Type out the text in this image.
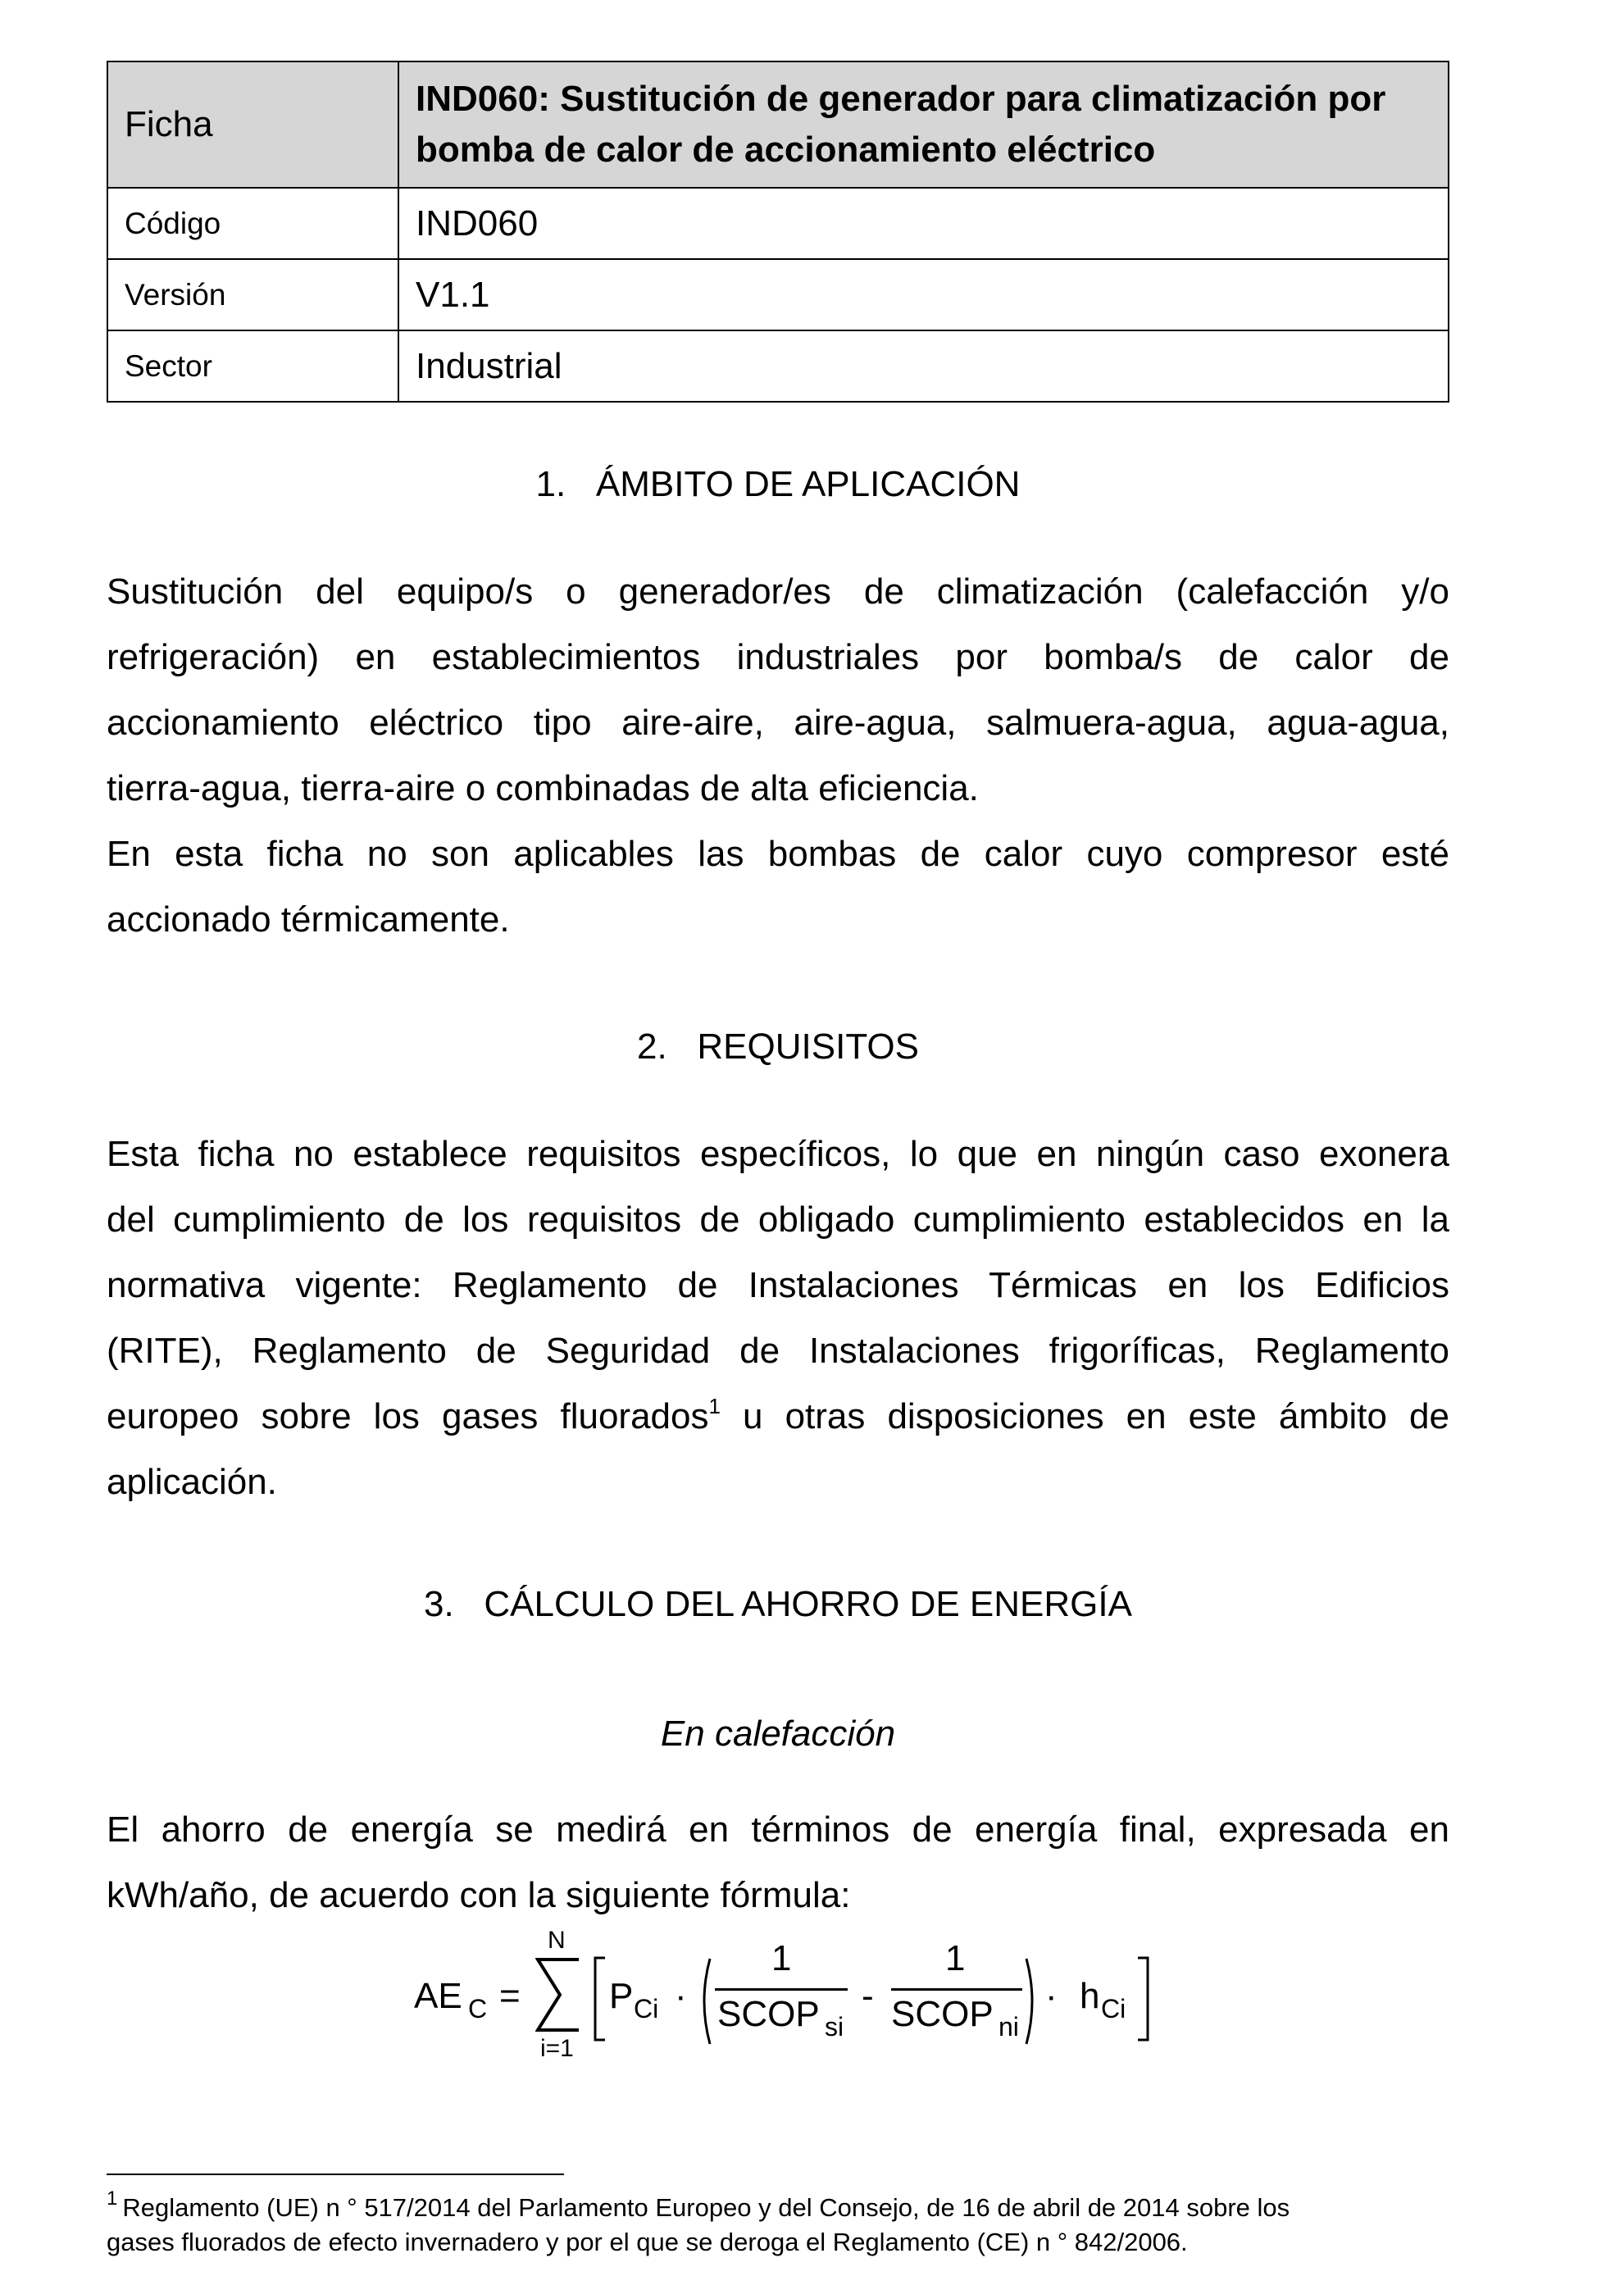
Ficha	IND060: Sustitución de generador para climatización por
bomba de calor de accionamiento eléctrico

Código	IND060
Versión	V1.1
Sector	Industrial
1. ÁMBITO DE APLICACIÓN
Sustitución del equipo/s o generador/es de climatización (calefacción y/o
refrigeración) en establecimientos industriales por bomba/s de calor de
accionamiento eléctrico tipo aire-aire, aire-agua, salmuera-agua, agua-agua,
tierra-agua, tierra-aire o combinadas de alta eficiencia.
En esta ficha no son aplicables las bombas de calor cuyo compresor esté
accionado térmicamente.
2. REQUISITOS
Esta ficha no establece requisitos específicos, lo que en ningún caso exonera
del cumplimiento de los requisitos de obligado cumplimiento establecidos en la
normativa vigente: Reglamento de Instalaciones Térmicas en los Edificios
(RITE), Reglamento de Seguridad de Instalaciones frigoríficas, Reglamento
europeo sobre los gases fluorados$^1$ u otras disposiciones en este ámbito de
aplicación.
3. CÁLCULO DEL AHORRO DE ENERGÍA
En calefacción
El ahorro de energía se medirá en términos de energía final, expresada en
kWh/año, de acuerdo con la siguiente fórmula:
AE C =
N
i=1
P Ci ·
1
SCOP si
-
1
SCOP ni
· h Ci

$^1$ Reglamento (UE) n ° 517/2014 del Parlamento Europeo y del Consejo, de 16 de abril de 2014 sobre los
gases fluorados de efecto invernadero y por el que se deroga el Reglamento (CE) n ° 842/2006.
